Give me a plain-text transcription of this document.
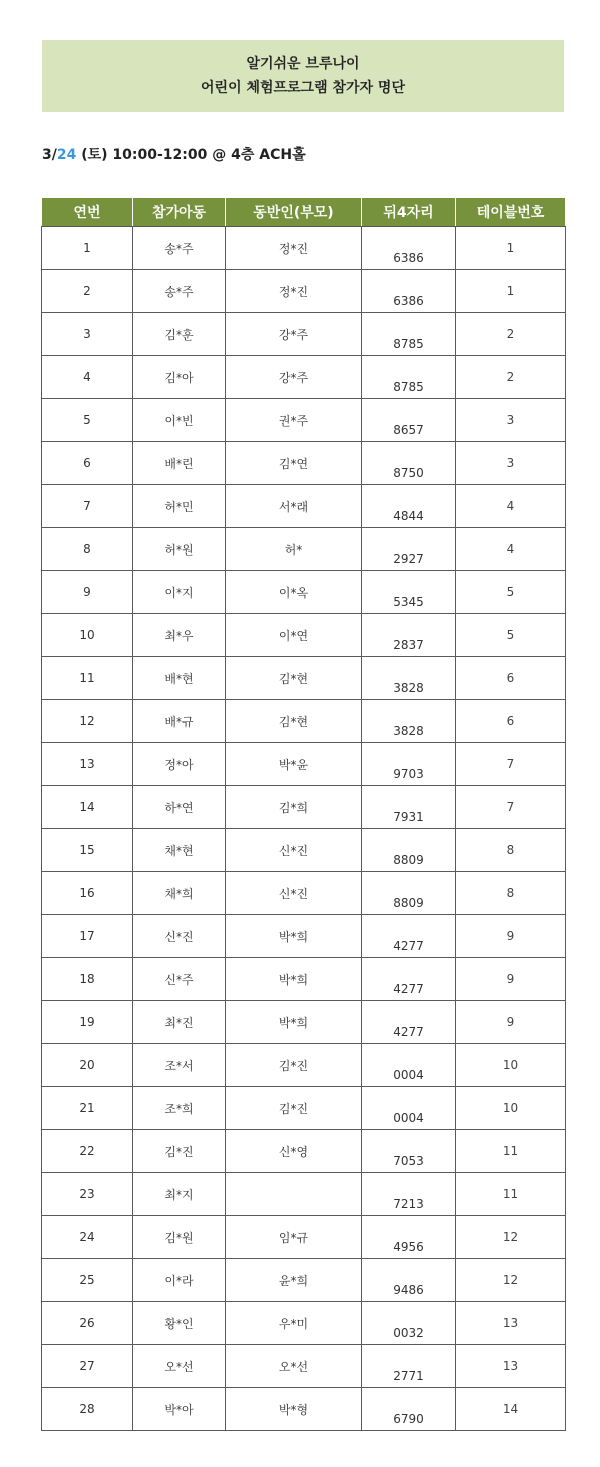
알기쉬운 브루나이
어린이 체험프로그램 참가자 명단
3/24 (토) 10:00-12:00 @ 4층 ACH홀
연번	참가아동	동반인(부모)	뒤4자리	테이블번호
1	송*주	정*진	6386	1
2	송*주	정*진	6386	1
3	김*훈	강*주	8785	2
4	김*아	강*주	8785	2
5	이*빈	권*주	8657	3
6	배*린	김*연	8750	3
7	허*민	서*래	4844	4
8	허*원	허*	2927	4
9	이*지	이*옥	5345	5
10	최*우	이*연	2837	5
11	배*현	김*현	3828	6
12	배*규	김*현	3828	6
13	정*아	박*윤	9703	7
14	하*연	김*희	7931	7
15	채*현	신*진	8809	8
16	채*희	신*진	8809	8
17	신*진	박*희	4277	9
18	신*주	박*희	4277	9
19	최*진	박*희	4277	9
20	조*서	김*진	0004	10
21	조*희	김*진	0004	10
22	김*진	신*영	7053	11
23	최*지		7213	11
24	김*원	임*규	4956	12
25	이*라	윤*희	9486	12
26	황*인	우*미	0032	13
27	오*선	오*선	2771	13
28	박*아	박*형	6790	14
